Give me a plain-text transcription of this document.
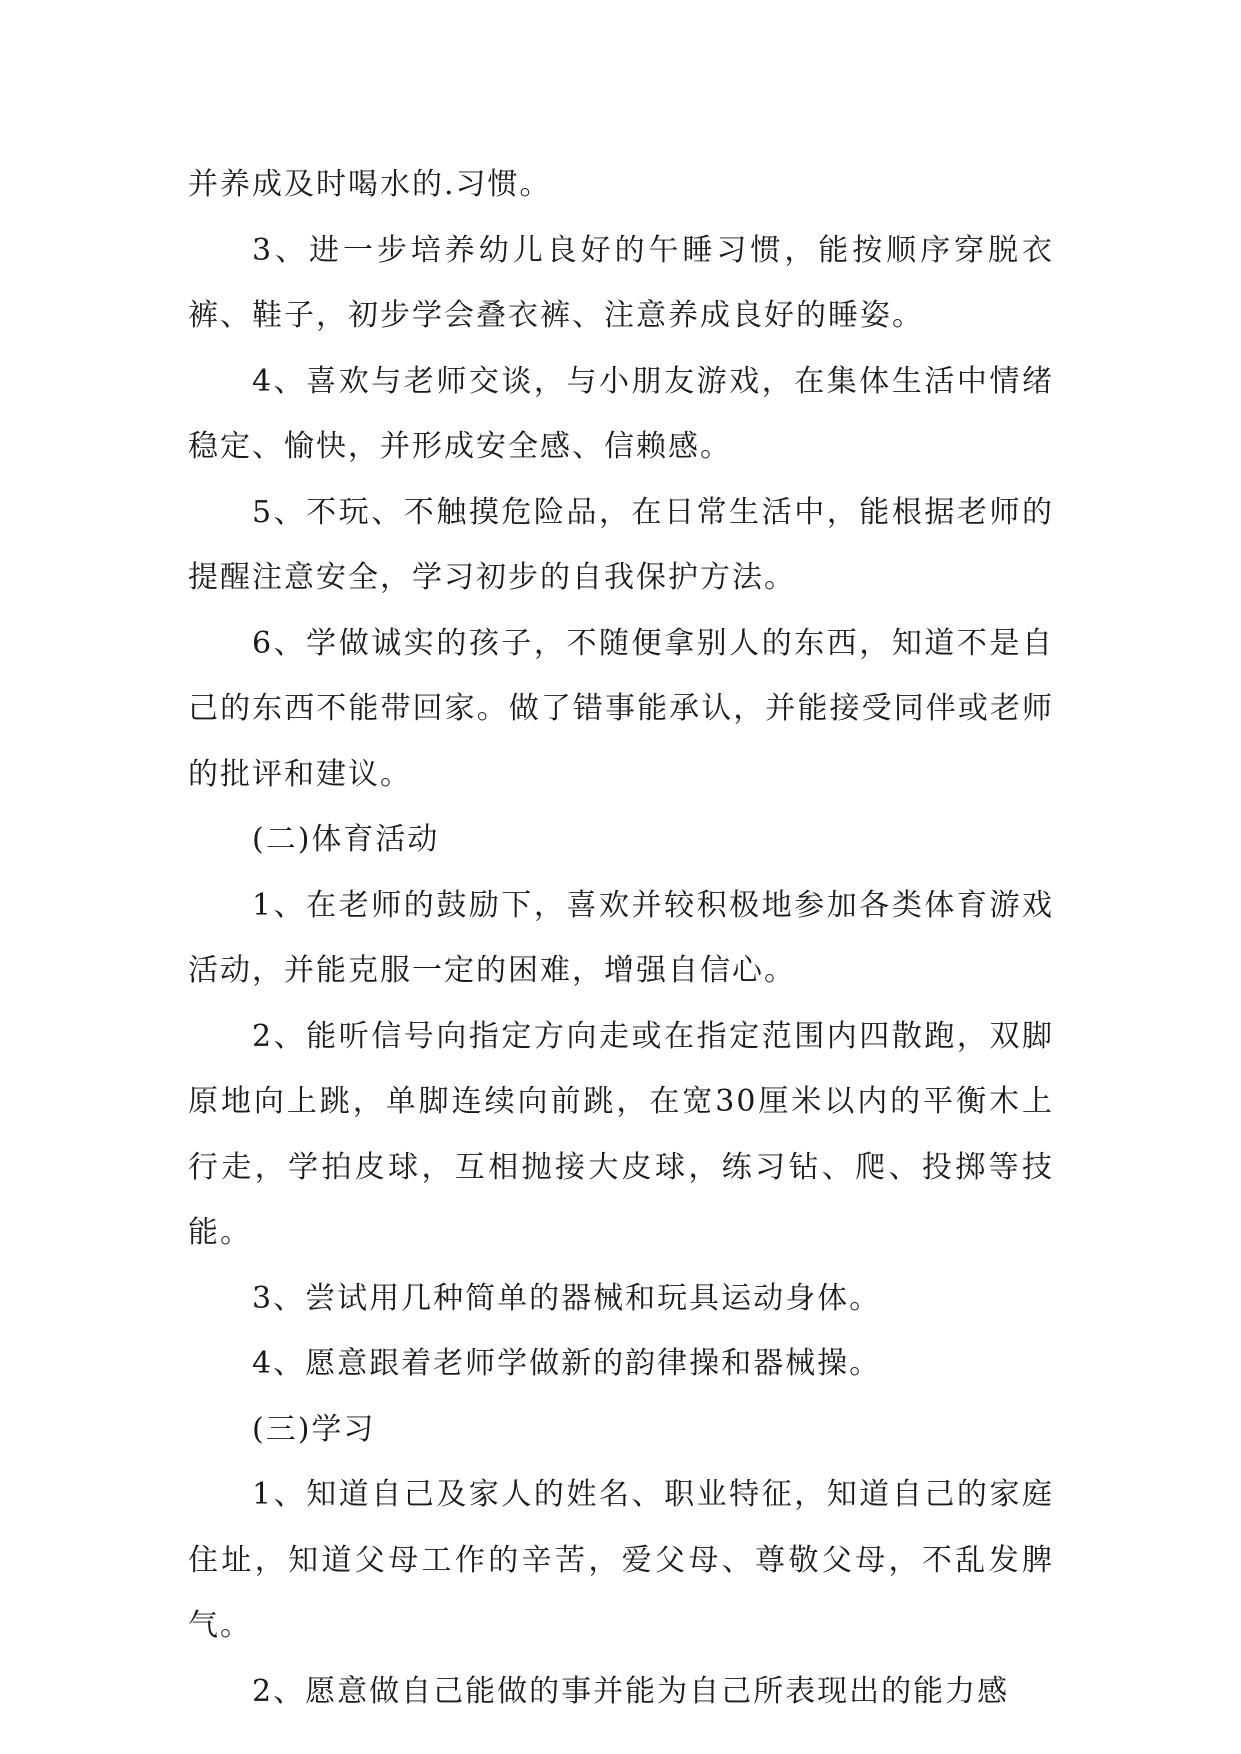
并养成及时喝水的.习惯。

3、进一步培养幼儿良好的午睡习惯，能按顺序穿脱衣裤、鞋子，初步学会叠衣裤、注意养成良好的睡姿。

4、喜欢与老师交谈，与小朋友游戏，在集体生活中情绪稳定、愉快，并形成安全感、信赖感。

5、不玩、不触摸危险品，在日常生活中，能根据老师的提醒注意安全，学习初步的自我保护方法。

6、学做诚实的孩子，不随便拿别人的东西，知道不是自己的东西不能带回家。做了错事能承认，并能接受同伴或老师的批评和建议。

(二)体育活动

1、在老师的鼓励下，喜欢并较积极地参加各类体育游戏活动，并能克服一定的困难，增强自信心。

2、能听信号向指定方向走或在指定范围内四散跑，双脚原地向上跳，单脚连续向前跳，在宽30厘米以内的平衡木上行走，学拍皮球，互相抛接大皮球，练习钻、爬、投掷等技能。

3、尝试用几种简单的器械和玩具运动身体。

4、愿意跟着老师学做新的韵律操和器械操。

(三)学习

1、知道自己及家人的姓名、职业特征，知道自己的家庭住址，知道父母工作的辛苦，爱父母、尊敬父母，不乱发脾气。

2、愿意做自己能做的事并能为自己所表现出的能力感
